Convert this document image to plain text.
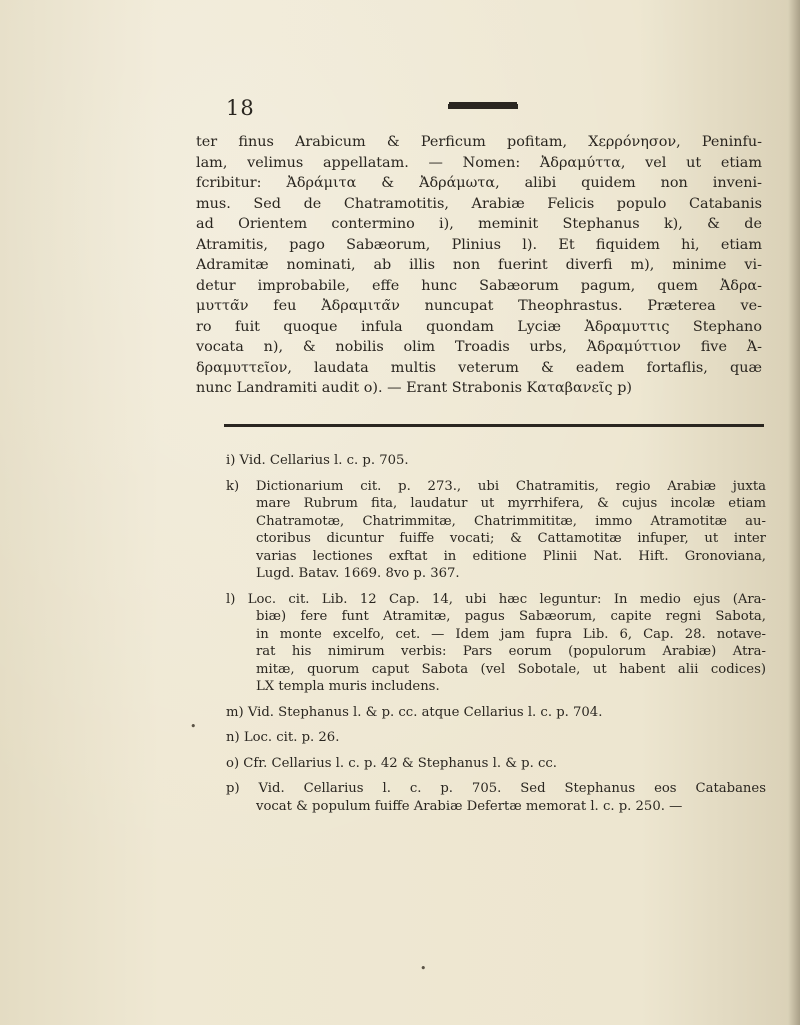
18
ter finus Arabicum & Perficum pofitam, Χερρόνησον, Peninfu-
lam, velimus appellatam. — Nomen: Ἀδραμύττα, vel ut etiam
fcribitur: Ἀδράμιτα & Ἀδράμωτα, alibi quidem non inveni-
mus. Sed de Chatramotitis, Arabiæ Felicis populo Catabanis
ad Orientem contermino i), meminit Stephanus k), & de
Atramitis, pago Sabæorum, Plinius l). Et fiquidem hi, etiam
Adramitæ nominati, ab illis non fuerint diverfi m), minime vi-
detur improbabile, effe hunc Sabæorum pagum, quem Ἀδρα-
μυττα̃ν feu Ἀδραμιτα̃ν nuncupat Theophrastus. Præterea ve-
ro fuit quoque infula quondam Lyciæ Ἀδραμυττις Stephano
vocata n), & nobilis olim Troadis urbs, Ἀδραμύττιον five Ἀ-
δραμυττεῖον, laudata multis veterum & eadem fortaflis, quæ
nunc Landramiti audit o). — Erant Strabonis Καταβανεῖς p)
i) Vid. Cellarius l. c. p. 705.
k) Dictionarium cit. p. 273., ubi Chatramitis, regio Arabiæ juxta
mare Rubrum fita, laudatur ut myrrhifera, & cujus incolæ etiam
Chatramotæ, Chatrimmitæ, Chatrimmititæ, immo Atramotitæ au-
ctoribus dicuntur fuiffe vocati; & Cattamotitæ infuper, ut inter
varias lectiones exftat in editione Plinii Nat. Hift. Gronoviana,
Lugd. Batav. 1669. 8vo p. 367.
l) Loc. cit. Lib. 12 Cap. 14, ubi hæc leguntur: In medio ejus (Ara-
biæ) fere funt Atramitæ, pagus Sabæorum, capite regni Sabota,
in monte excelfo, cet. — Idem jam fupra Lib. 6, Cap. 28. notave-
rat his nimirum verbis: Pars eorum (populorum Arabiæ) Atra-
mitæ, quorum caput Sabota (vel Sobotale, ut habent alii codices)
LX templa muris includens.
m) Vid. Stephanus l. & p. cc. atque Cellarius l. c. p. 704.
n) Loc. cit. p. 26.
o) Cfr. Cellarius l. c. p. 42 & Stephanus l. & p. cc.
p) Vid. Cellarius l. c. p. 705. Sed Stephanus eos Catabanes
vocat & populum fuiffe Arabiæ Defertæ memorat l. c. p. 250. —
•
•
